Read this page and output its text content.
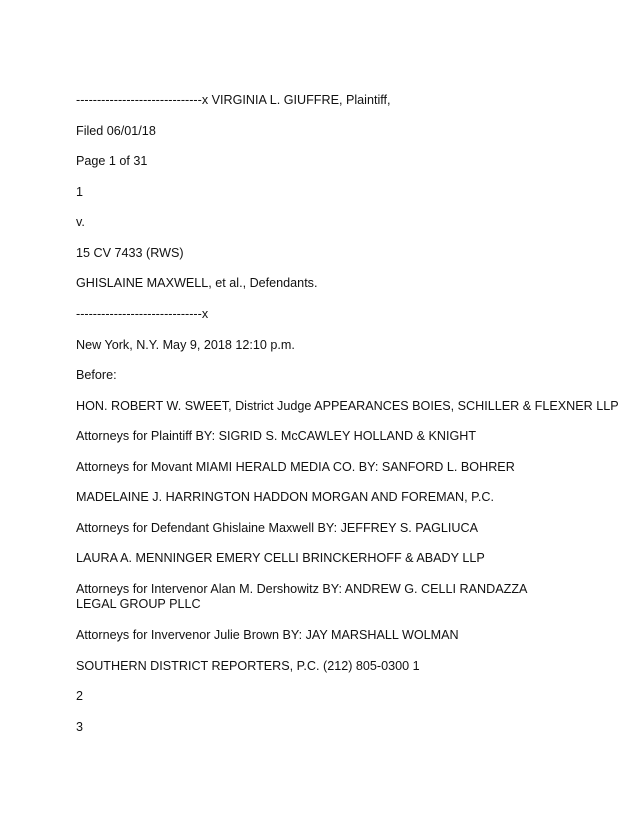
------------------------------x VIRGINIA L. GIUFFRE, Plaintiff,
Filed 06/01/18
Page 1 of 31
1
v.
15 CV 7433 (RWS)
GHISLAINE MAXWELL, et al., Defendants.
------------------------------x
New York, N.Y. May 9, 2018 12:10 p.m.
Before:
HON. ROBERT W. SWEET, District Judge APPEARANCES BOIES, SCHILLER & FLEXNER LLP
Attorneys for Plaintiff BY: SIGRID S. McCAWLEY HOLLAND & KNIGHT
Attorneys for Movant MIAMI HERALD MEDIA CO. BY: SANFORD L. BOHRER
MADELAINE J. HARRINGTON HADDON MORGAN AND FOREMAN, P.C.
Attorneys for Defendant Ghislaine Maxwell BY: JEFFREY S. PAGLIUCA
LAURA A. MENNINGER EMERY CELLI BRINCKERHOFF & ABADY LLP
Attorneys for Intervenor Alan M. Dershowitz BY: ANDREW G. CELLI RANDAZZA LEGAL GROUP PLLC
Attorneys for Invervenor Julie Brown BY: JAY MARSHALL WOLMAN
SOUTHERN DISTRICT REPORTERS, P.C. (212) 805-0300 1
2
3
